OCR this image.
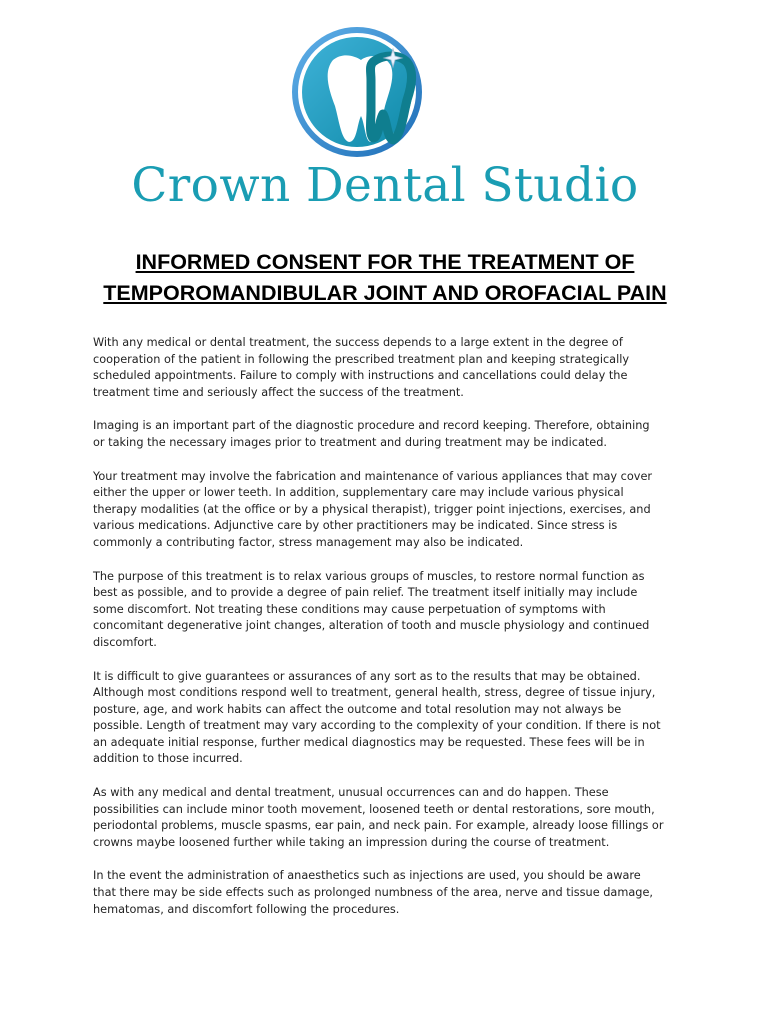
Crown Dental Studio
INFORMED CONSENT FOR THE TREATMENT OF
TEMPOROMANDIBULAR JOINT AND OROFACIAL PAIN
With any medical or dental treatment, the success depends to a large extent in the degree of
cooperation of the patient in following the prescribed treatment plan and keeping strategically
scheduled appointments. Failure to comply with instructions and cancellations could delay the
treatment time and seriously affect the success of the treatment.
Imaging is an important part of the diagnostic procedure and record keeping. Therefore, obtaining
or taking the necessary images prior to treatment and during treatment may be indicated.
Your treatment may involve the fabrication and maintenance of various appliances that may cover
either the upper or lower teeth. In addition, supplementary care may include various physical
therapy modalities (at the office or by a physical therapist), trigger point injections, exercises, and
various medications. Adjunctive care by other practitioners may be indicated. Since stress is
commonly a contributing factor, stress management may also be indicated.
The purpose of this treatment is to relax various groups of muscles, to restore normal function as
best as possible, and to provide a degree of pain relief. The treatment itself initially may include
some discomfort. Not treating these conditions may cause perpetuation of symptoms with
concomitant degenerative joint changes, alteration of tooth and muscle physiology and continued
discomfort.
It is difficult to give guarantees or assurances of any sort as to the results that may be obtained.
Although most conditions respond well to treatment, general health, stress, degree of tissue injury,
posture, age, and work habits can affect the outcome and total resolution may not always be
possible. Length of treatment may vary according to the complexity of your condition. If there is not
an adequate initial response, further medical diagnostics may be requested. These fees will be in
addition to those incurred.
As with any medical and dental treatment, unusual occurrences can and do happen. These
possibilities can include minor tooth movement, loosened teeth or dental restorations, sore mouth,
periodontal problems, muscle spasms, ear pain, and neck pain. For example, already loose fillings or
crowns maybe loosened further while taking an impression during the course of treatment.
In the event the administration of anaesthetics such as injections are used, you should be aware
that there may be side effects such as prolonged numbness of the area, nerve and tissue damage,
hematomas, and discomfort following the procedures.
